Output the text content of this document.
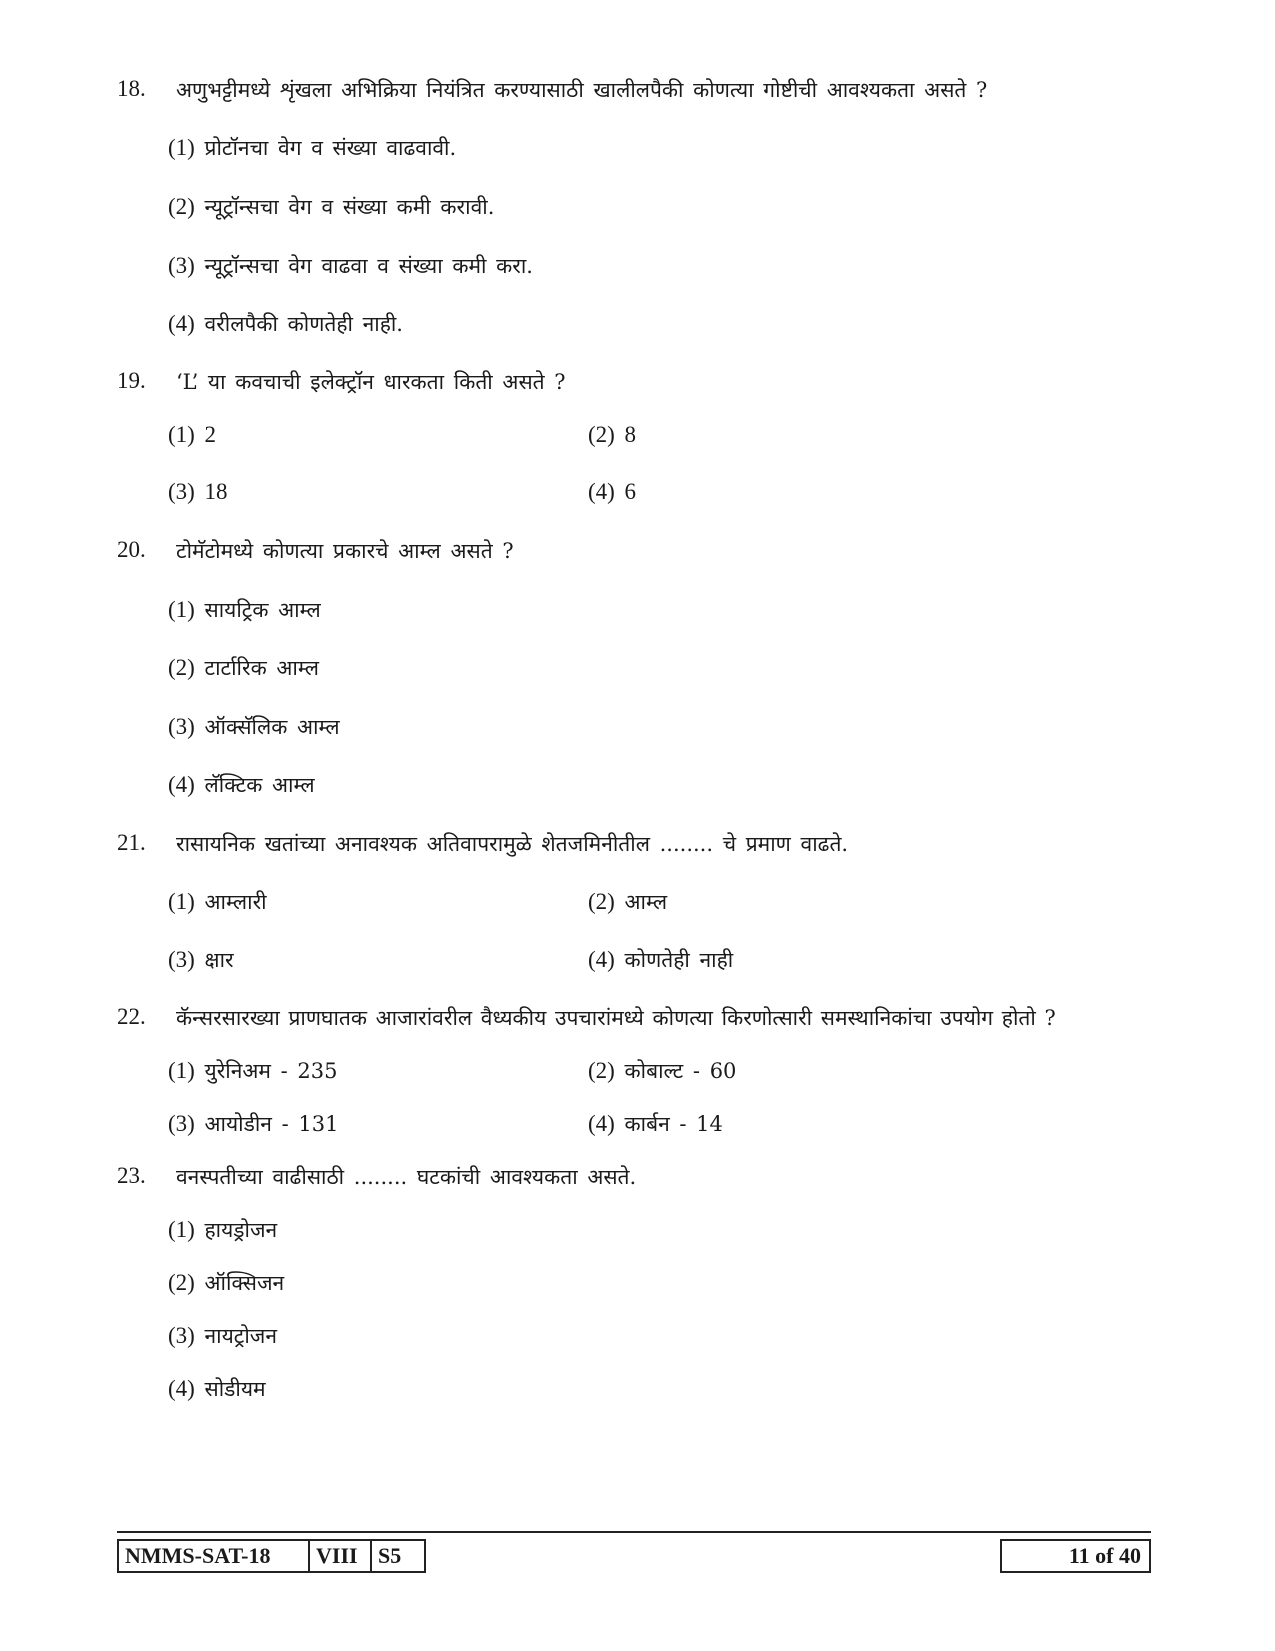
18. अणुभट्टीमध्ये शृंखला अभिक्रिया नियंत्रित करण्यासाठी खालीलपैकी कोणत्या गोष्टीची आवश्यकता असते ?
(1) प्रोटॉनचा वेग व संख्या वाढवावी.
(2) न्यूट्रॉन्सचा वेग व संख्या कमी करावी.
(3) न्यूट्रॉन्सचा वेग वाढवा व संख्या कमी करा.
(4) वरीलपैकी कोणतेही नाही.
19. ‘L’ या कवचाची इलेक्ट्रॉन धारकता किती असते ?
(1) 2	(2) 8
(3) 18	(4) 6
20. टोमॅटोमध्ये कोणत्या प्रकारचे आम्ल असते ?
(1) सायट्रिक आम्ल
(2) टार्टारिक आम्ल
(3) ऑक्सॅलिक आम्ल
(4) लॅक्टिक आम्ल
21. रासायनिक खतांच्या अनावश्यक अतिवापरामुळे शेतजमिनीतील ........ चे प्रमाण वाढते.
(1) आम्लारी	(2) आम्ल
(3) क्षार	(4) कोणतेही नाही
22. कॅन्सरसारख्या प्राणघातक आजारांवरील वैध्यकीय उपचारांमध्ये कोणत्या किरणोत्सारी समस्थानिकांचा उपयोग होतो ?
(1) युरेनिअम - 235	(2) कोबाल्ट - 60
(3) आयोडीन - 131	(4) कार्बन - 14
23. वनस्पतीच्या वाढीसाठी ........ घटकांची आवश्यकता असते.
(1) हायड्रोजन
(2) ऑक्सिजन
(3) नायट्रोजन
(4) सोडीयम
NMMS-SAT-18	VIII S5	11 of 40
